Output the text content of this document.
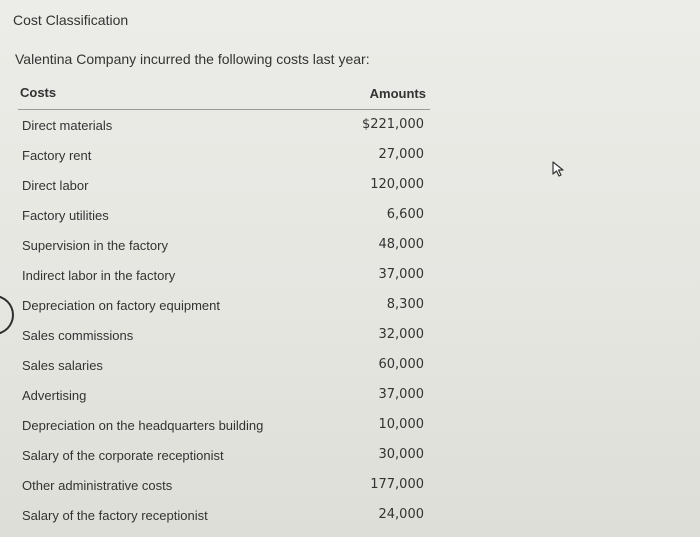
Cost Classification
Valentina Company incurred the following costs last year:
Costs	Amounts
Direct materials	$221,000
Factory rent	27,000
Direct labor	120,000
Factory utilities	6,600
Supervision in the factory	48,000
Indirect labor in the factory	37,000
Depreciation on factory equipment	8,300
Sales commissions	32,000
Sales salaries	60,000
Advertising	37,000
Depreciation on the headquarters building	10,000
Salary of the corporate receptionist	30,000
Other administrative costs	177,000
Salary of the factory receptionist	24,000
